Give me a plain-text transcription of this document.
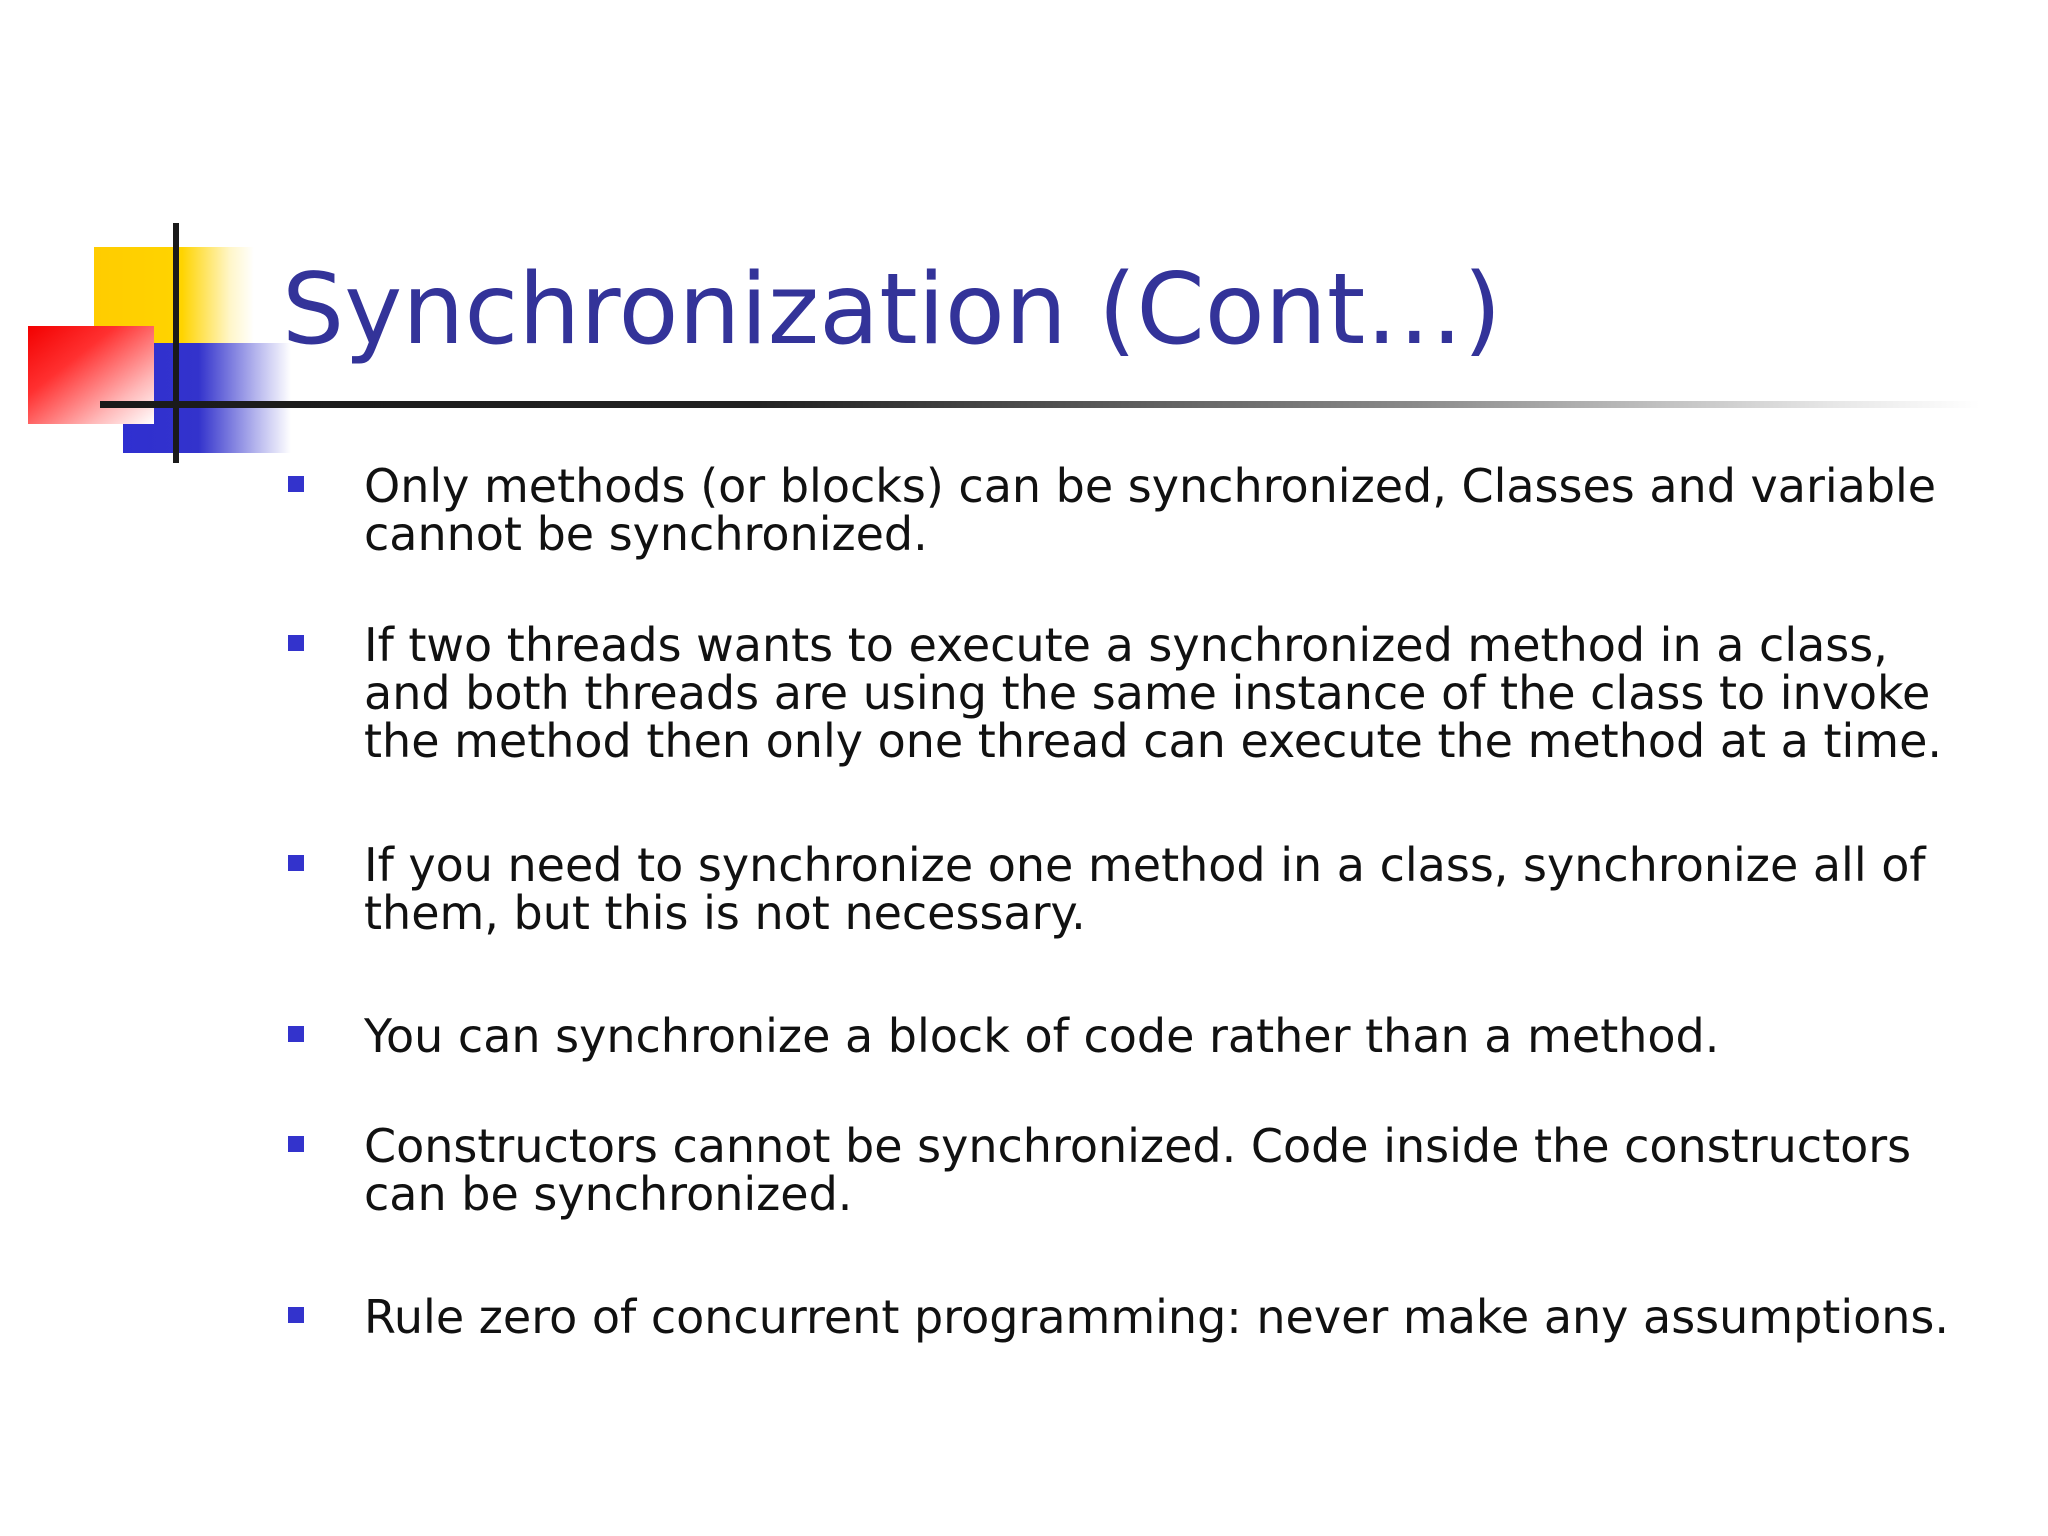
Synchronization (Cont…)
Only methods (or blocks) can be synchronized, Classes and variable
cannot be synchronized.
If two threads wants to execute a synchronized method in a class,
and both threads are using the same instance of the class to invoke
the method then only one thread can execute the method at a time.
If you need to synchronize one method in a class, synchronize all of
them, but this is not necessary.
You can synchronize a block of code rather than a method.
Constructors cannot be synchronized. Code inside the constructors
can be synchronized.
Rule zero of concurrent programming: never make any assumptions.
